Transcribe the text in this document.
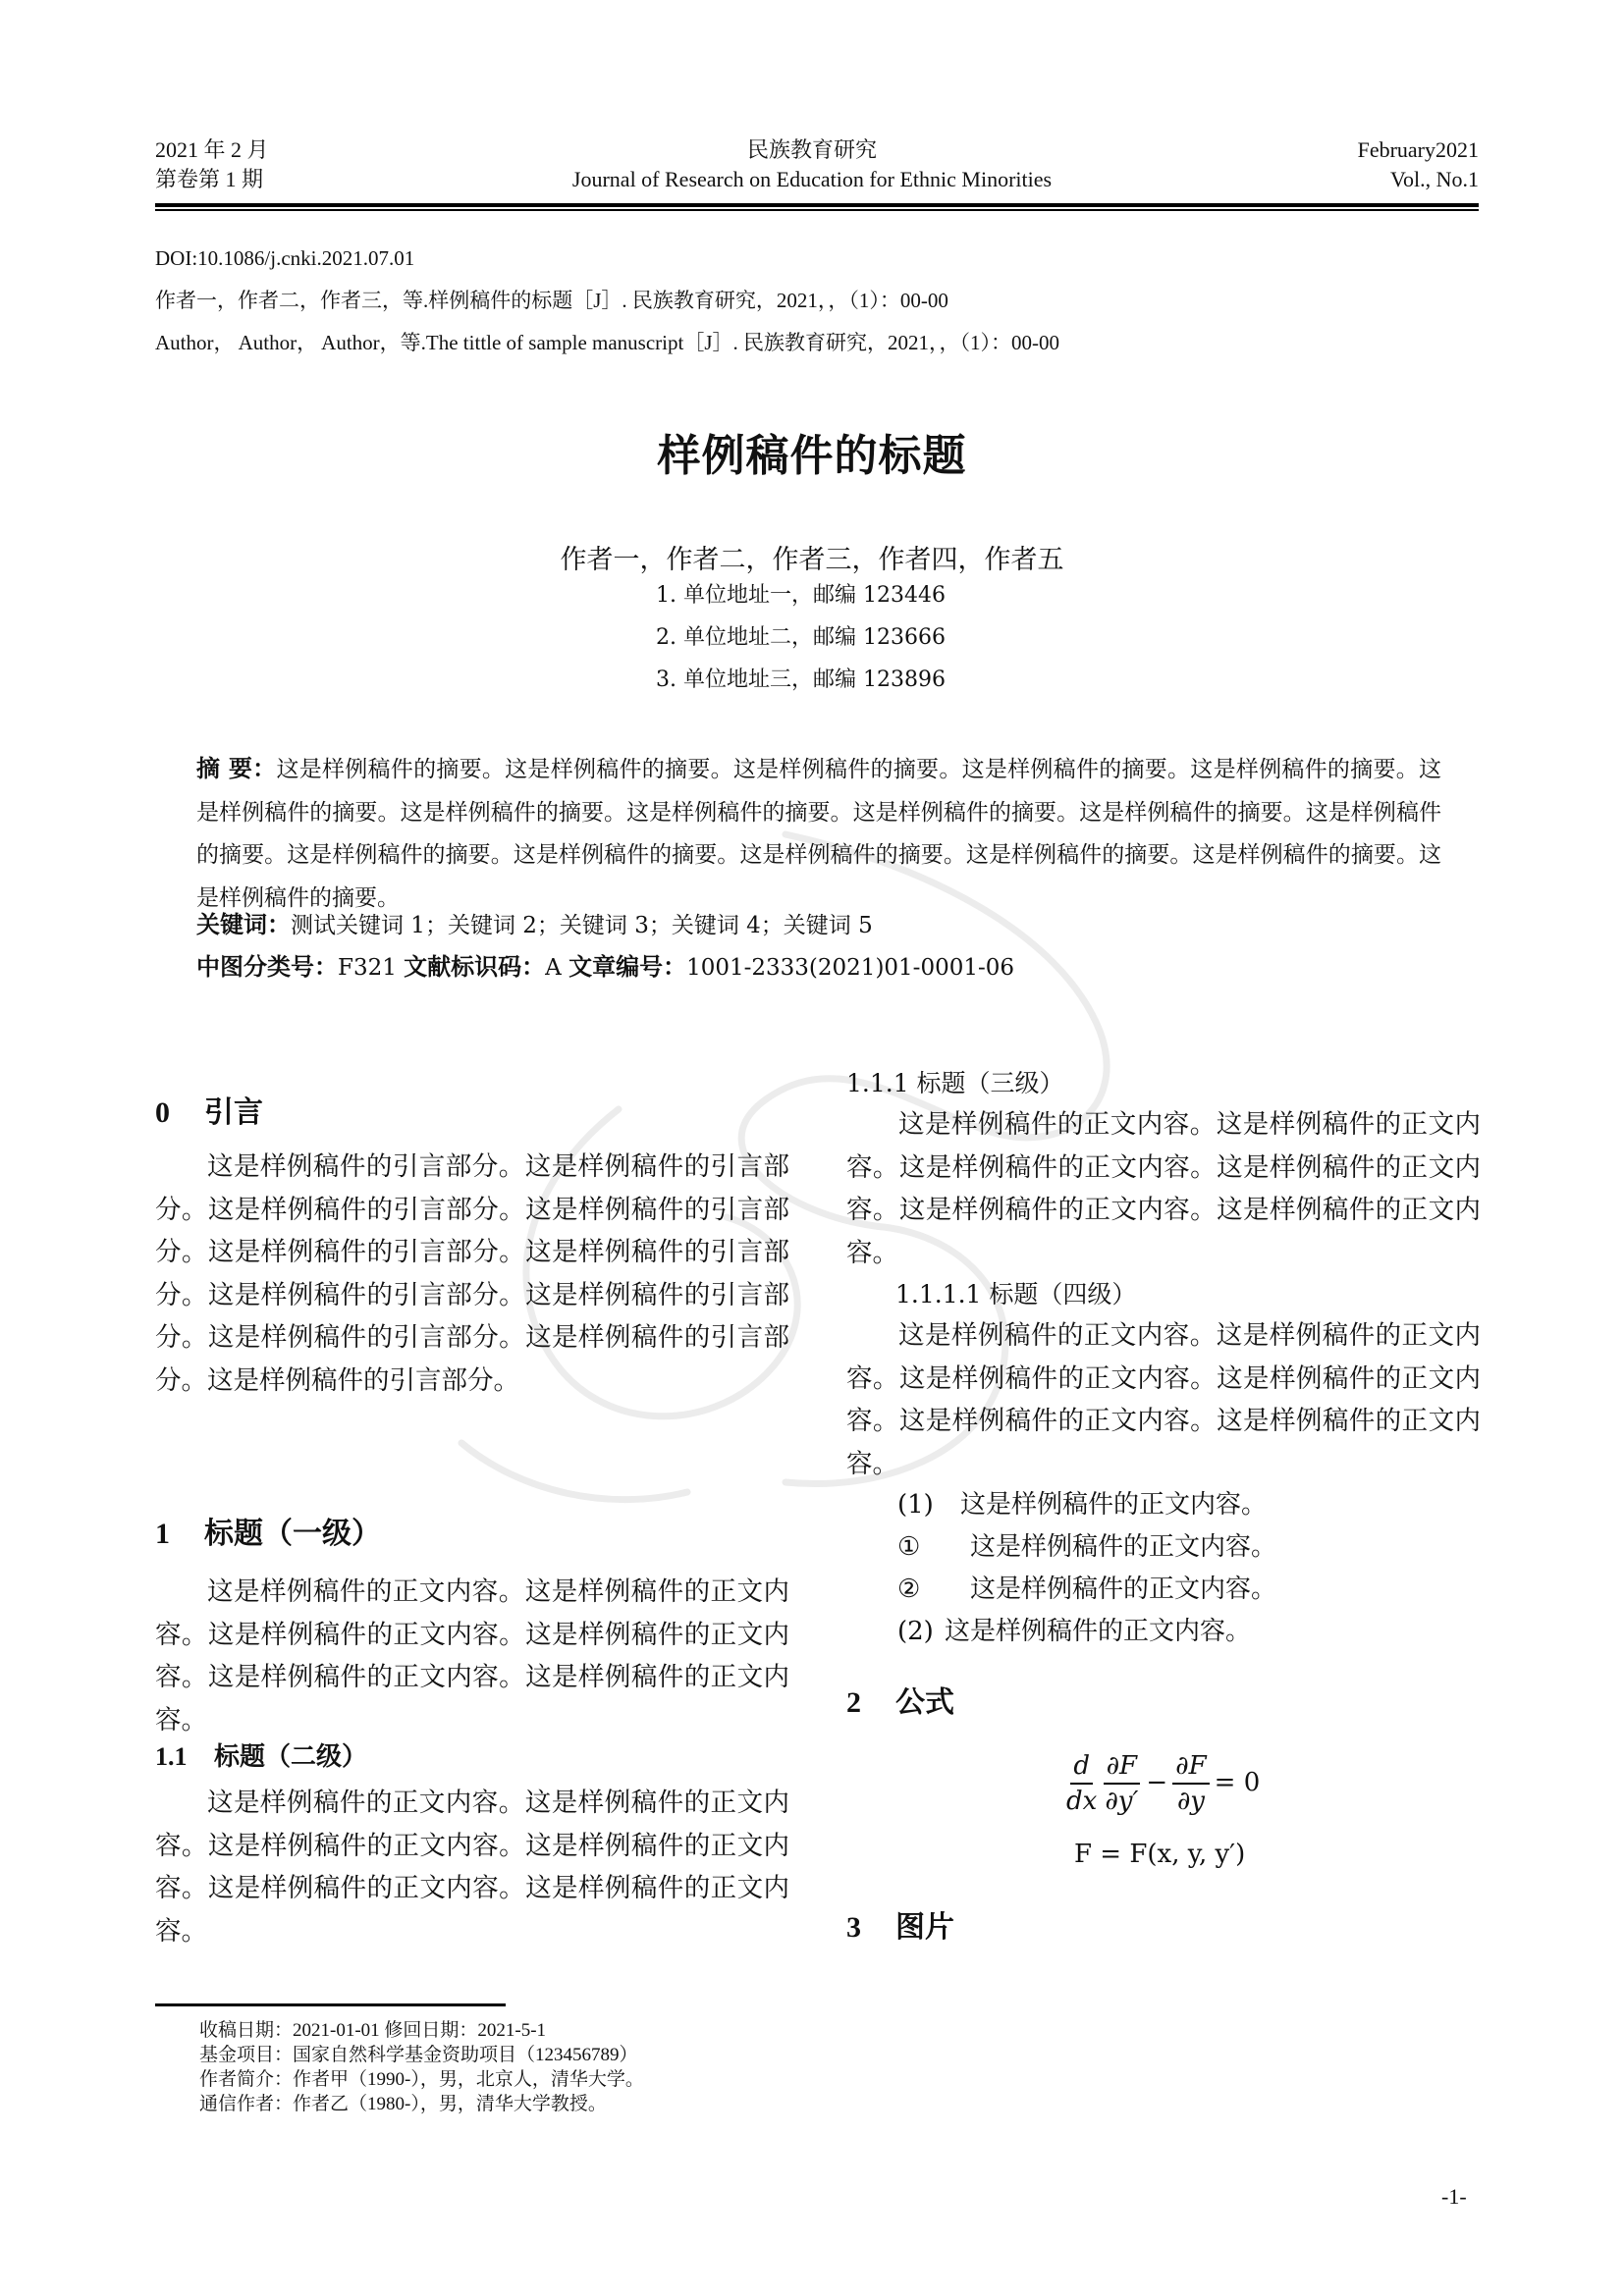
2021 年 2 月
第卷第 1 期
民族教育研究
Journal of Research on Education for Ethnic Minorities
February2021
Vol., No.1
DOI:10.1086/j.cnki.2021.07.01
作者一，作者二，作者三，等.样例稿件的标题［J］. 民族教育研究，2021，，（1）：00-00
Author， Author， Author，等.The tittle of sample manuscript［J］. 民族教育研究，2021，，（1）：00-00
样例稿件的标题
作者一，作者二，作者三，作者四，作者五
1. 单位地址一，邮编 123446
2. 单位地址二，邮编 123666
3. 单位地址三，邮编 123896
摘 要：这是样例稿件的摘要。这是样例稿件的摘要。这是样例稿件的摘要。这是样例稿件的摘要。这是样例稿件的摘要。这是样例稿件的摘要。这是样例稿件的摘要。这是样例稿件的摘要。这是样例稿件的摘要。这是样例稿件的摘要。这是样例稿件的摘要。这是样例稿件的摘要。这是样例稿件的摘要。这是样例稿件的摘要。这是样例稿件的摘要。这是样例稿件的摘要。这是样例稿件的摘要。
关键词：测试关键词 1；关键词 2；关键词 3；关键词 4；关键词 5
中图分类号：F321 文献标识码：A 文章编号：1001-2333(2021)01-0001-06
0 引言
这是样例稿件的引言部分。这是样例稿件的引言部分。这是样例稿件的引言部分。这是样例稿件的引言部分。这是样例稿件的引言部分。这是样例稿件的引言部分。这是样例稿件的引言部分。这是样例稿件的引言部分。这是样例稿件的引言部分。这是样例稿件的引言部分。这是样例稿件的引言部分。
1 标题（一级）
这是样例稿件的正文内容。这是样例稿件的正文内容。这是样例稿件的正文内容。这是样例稿件的正文内容。这是样例稿件的正文内容。这是样例稿件的正文内容。
1.1 标题（二级）
这是样例稿件的正文内容。这是样例稿件的正文内容。这是样例稿件的正文内容。这是样例稿件的正文内容。这是样例稿件的正文内容。这是样例稿件的正文内容。
1.1.1 标题（三级）
这是样例稿件的正文内容。这是样例稿件的正文内容。这是样例稿件的正文内容。这是样例稿件的正文内容。这是样例稿件的正文内容。这是样例稿件的正文内容。
1.1.1.1 标题（四级）
这是样例稿件的正文内容。这是样例稿件的正文内容。这是样例稿件的正文内容。这是样例稿件的正文内容。这是样例稿件的正文内容。这是样例稿件的正文内容。
(1) 这是样例稿件的正文内容。
① 这是样例稿件的正文内容。
② 这是样例稿件的正文内容。
(2) 这是样例稿件的正文内容。
2 公式
$\frac{d}{dx} \frac{\partial F}{\partial y'} - \frac{\partial F}{\partial y} = 0$
F = F(x, y, y′)
3 图片
收稿日期：2021-01-01 修回日期：2021-5-1
基金项目：国家自然科学基金资助项目（123456789）
作者简介：作者甲（1990-），男，北京人，清华大学。
通信作者：作者乙（1980-），男，清华大学教授。
-1-
